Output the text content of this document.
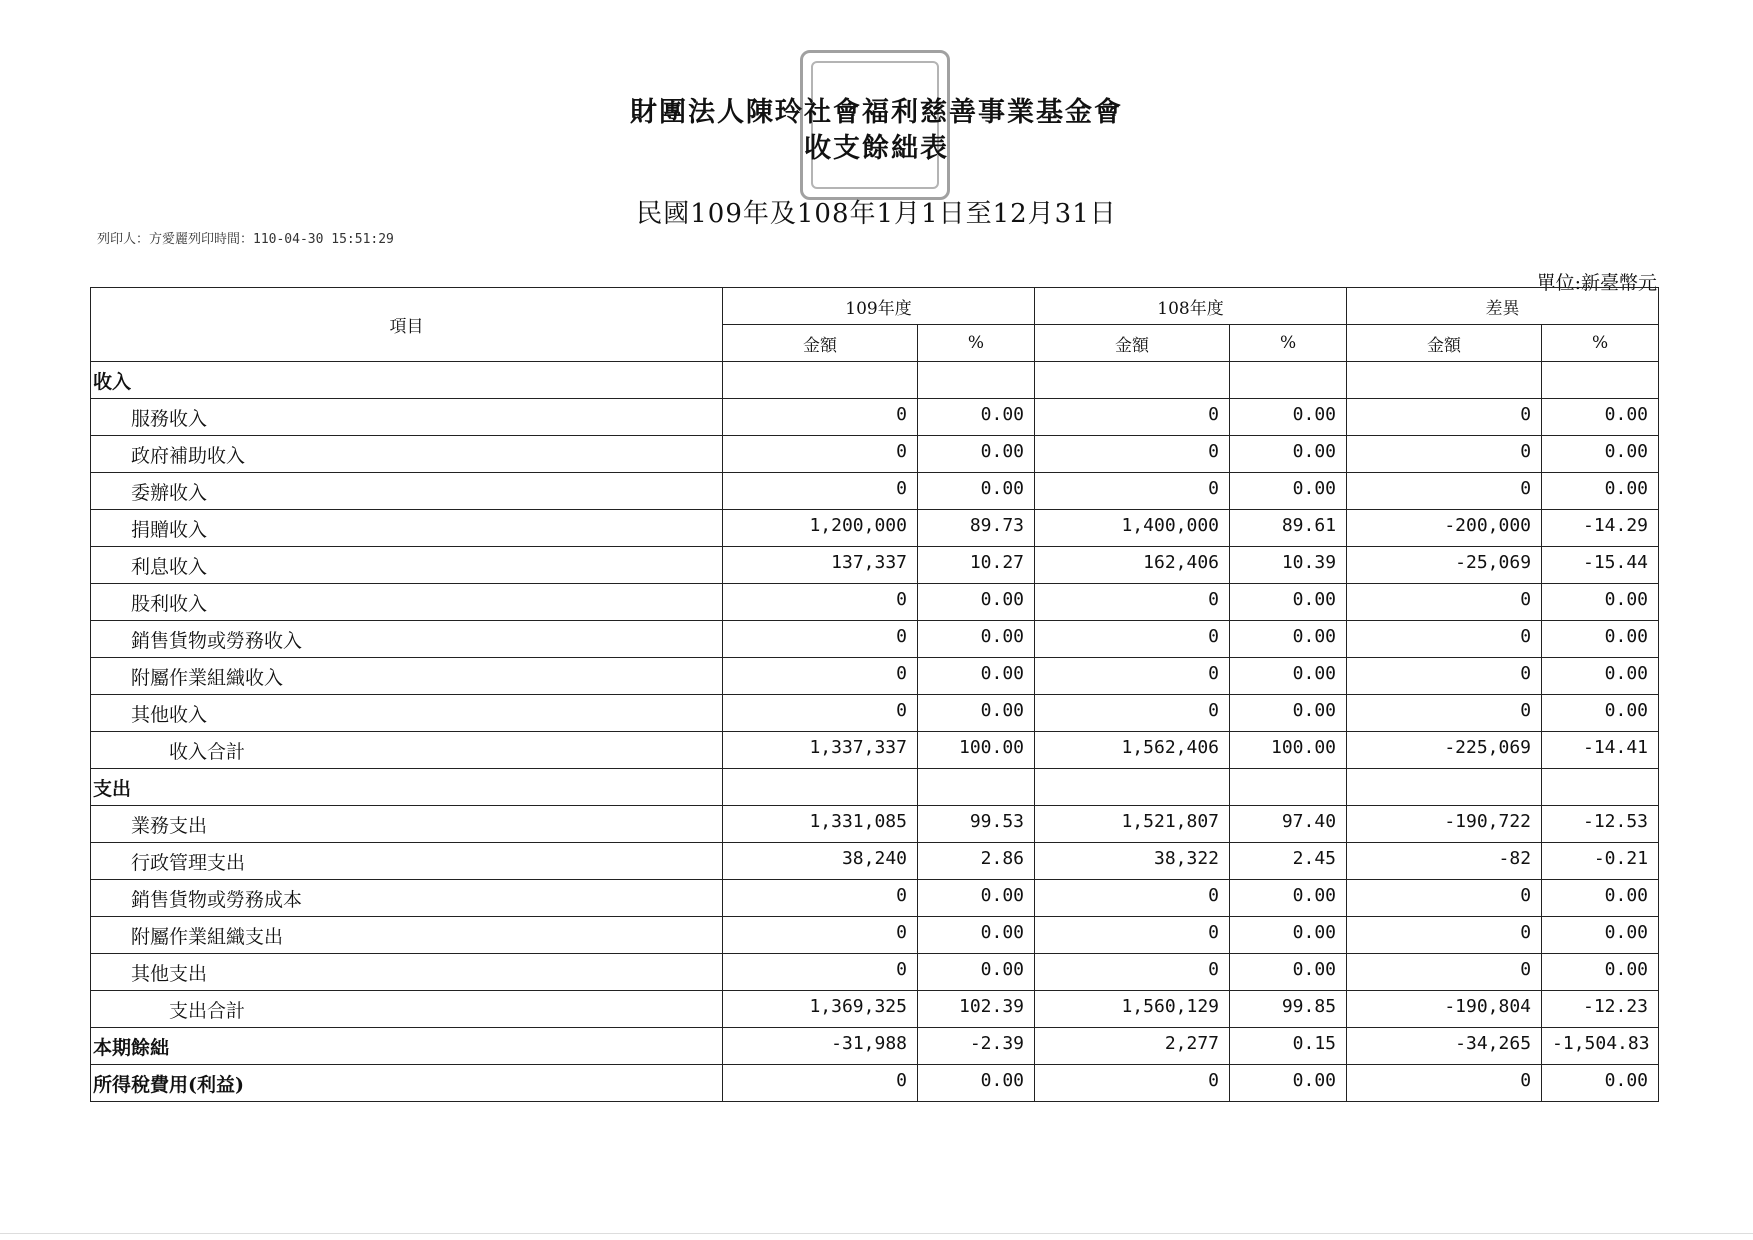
財團法人陳玲社會福利慈善事業基金會
收支餘絀表
民國109年及108年1月1日至12月31日
列印人：方愛麗列印時間：110-04-30 15:51:29
單位:新臺幣元
項目	109年度		108年度		差異	
	金額	%	金額	%	金額	%
收入						
服務收入	0	0.00	0	0.00	0	0.00
政府補助收入	0	0.00	0	0.00	0	0.00
委辦收入	0	0.00	0	0.00	0	0.00
捐贈收入	1,200,000	89.73	1,400,000	89.61	-200,000	-14.29
利息收入	137,337	10.27	162,406	10.39	-25,069	-15.44
股利收入	0	0.00	0	0.00	0	0.00
銷售貨物或勞務收入	0	0.00	0	0.00	0	0.00
附屬作業組織收入	0	0.00	0	0.00	0	0.00
其他收入	0	0.00	0	0.00	0	0.00
收入合計	1,337,337	100.00	1,562,406	100.00	-225,069	-14.41
支出						
業務支出	1,331,085	99.53	1,521,807	97.40	-190,722	-12.53
行政管理支出	38,240	2.86	38,322	2.45	-82	-0.21
銷售貨物或勞務成本	0	0.00	0	0.00	0	0.00
附屬作業組織支出	0	0.00	0	0.00	0	0.00
其他支出	0	0.00	0	0.00	0	0.00
支出合計	1,369,325	102.39	1,560,129	99.85	-190,804	-12.23
本期餘絀	-31,988	-2.39	2,277	0.15	-34,265	-1,504.83
所得稅費用(利益)	0	0.00	0	0.00	0	0.00
